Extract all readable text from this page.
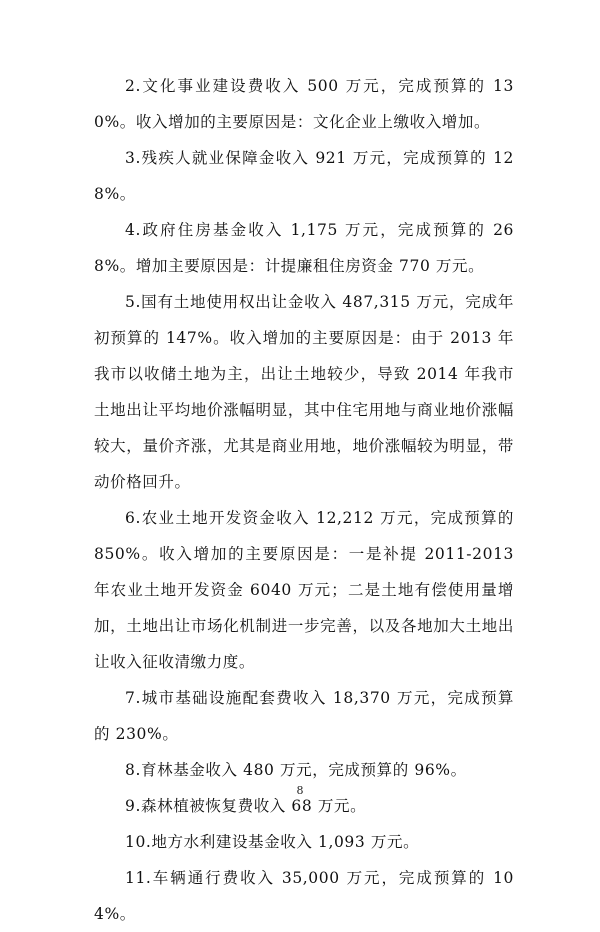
2.文化事业建设费收入 500 万元，完成预算的 130%。收入增加的主要原因是：文化企业上缴收入增加。

3.残疾人就业保障金收入 921 万元，完成预算的 128%。

4.政府住房基金收入 1,175 万元，完成预算的 268%。增加主要原因是：计提廉租住房资金 770 万元。

5.国有土地使用权出让金收入 487,315 万元，完成年初预算的 147%。收入增加的主要原因是：由于 2013 年我市以收储土地为主，出让土地较少，导致 2014 年我市土地出让平均地价涨幅明显，其中住宅用地与商业地价涨幅较大，量价齐涨，尤其是商业用地，地价涨幅较为明显，带动价格回升。

6.农业土地开发资金收入 12,212 万元，完成预算的 850%。收入增加的主要原因是：一是补提 2011-2013 年农业土地开发资金 6040 万元；二是土地有偿使用量增加，土地出让市场化机制进一步完善，以及各地加大土地出让收入征收清缴力度。

7.城市基础设施配套费收入 18,370 万元，完成预算的 230%。

8.育林基金收入 480 万元，完成预算的 96%。

9.森林植被恢复费收入 68 万元。

10.地方水利建设基金收入 1,093 万元。

11.车辆通行费收入 35,000 万元，完成预算的 104%。

8
